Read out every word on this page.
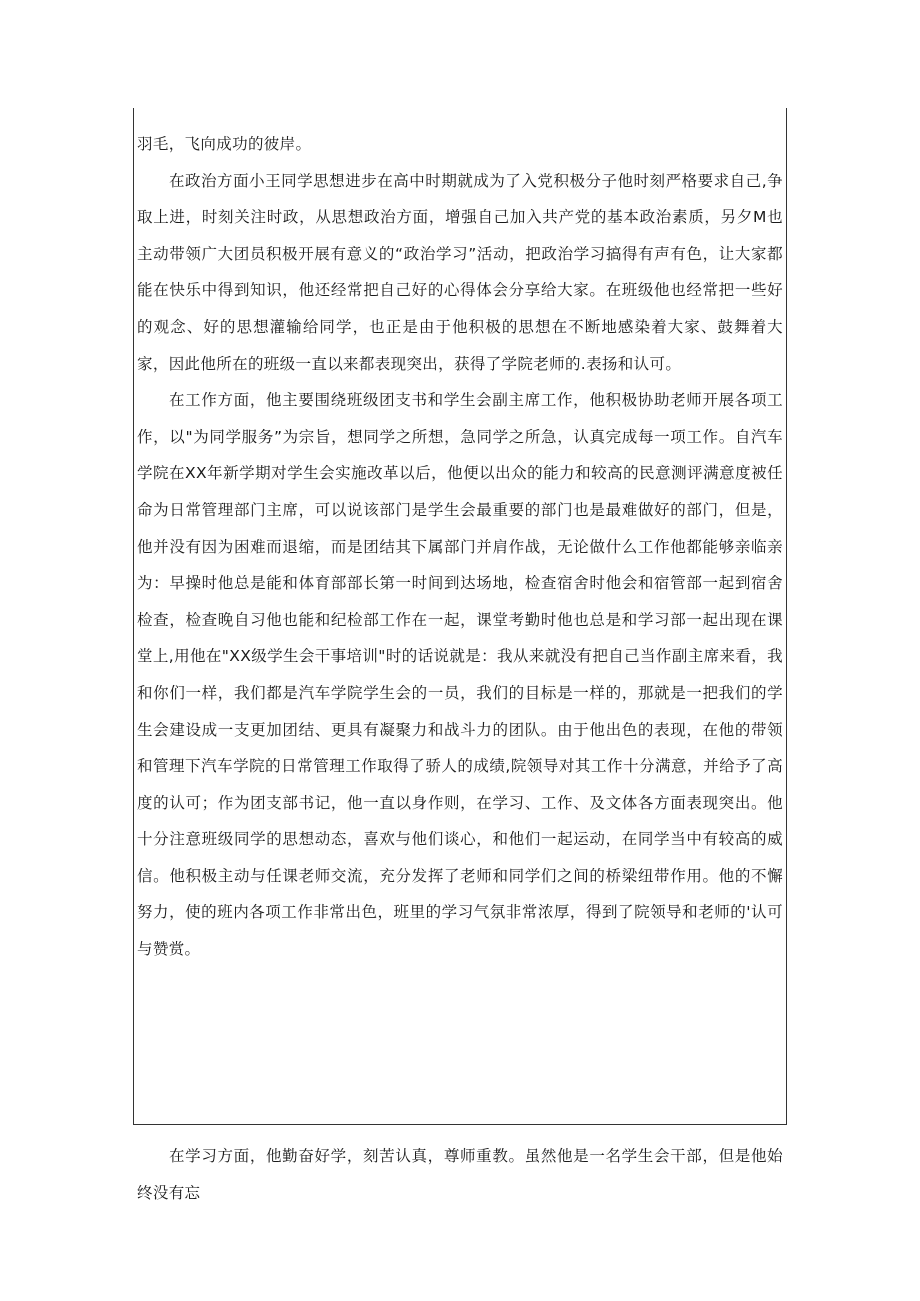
羽毛，飞向成功的彼岸。

在政治方面小王同学思想进步在高中时期就成为了入党积极分子他时刻严格要求自己,争取上进，时刻关注时政，从思想政治方面，增强自己加入共产党的基本政治素质，另夕M也主动带领广大团员积极开展有意义的“政治学习”活动，把政治学习搞得有声有色，让大家都能在快乐中得到知识，他还经常把自己好的心得体会分享给大家。在班级他也经常把一些好的观念、好的思想灌输给同学，也正是由于他积极的思想在不断地感染着大家、鼓舞着大家，因此他所在的班级一直以来都表现突出，获得了学院老师的.表扬和认可。

在工作方面，他主要围绕班级团支书和学生会副主席工作，他积极协助老师开展各项工作，以"为同学服务”为宗旨，想同学之所想，急同学之所急，认真完成每一项工作。自汽车学院在XX年新学期对学生会实施改革以后，他便以出众的能力和较高的民意测评满意度被任命为日常管理部门主席，可以说该部门是学生会最重要的部门也是最难做好的部门，但是，他并没有因为困难而退缩，而是团结其下属部门并肩作战，无论做什么工作他都能够亲临亲为：早操时他总是能和体育部部长第一时间到达场地，检查宿舍时他会和宿管部一起到宿舍检查，检查晚自习他也能和纪检部工作在一起，课堂考勤时他也总是和学习部一起出现在课堂上,用他在"XX级学生会干事培训"时的话说就是：我从来就没有把自己当作副主席来看，我和你们一样，我们都是汽车学院学生会的一员，我们的目标是一样的，那就是一把我们的学生会建设成一支更加团结、更具有凝聚力和战斗力的团队。由于他出色的表现，在他的带领和管理下汽车学院的日常管理工作取得了骄人的成绩,院领导对其工作十分满意，并给予了高度的认可；作为团支部书记，他一直以身作则，在学习、工作、及文体各方面表现突出。他十分注意班级同学的思想动态，喜欢与他们谈心，和他们一起运动，在同学当中有较高的威信。他积极主动与任课老师交流，充分发挥了老师和同学们之间的桥梁纽带作用。他的不懈努力，使的班内各项工作非常出色，班里的学习气氛非常浓厚，得到了院领导和老师的'认可与赞赏。

在学习方面，他勤奋好学，刻苦认真，尊师重教。虽然他是一名学生会干部，但是他始终没有忘
